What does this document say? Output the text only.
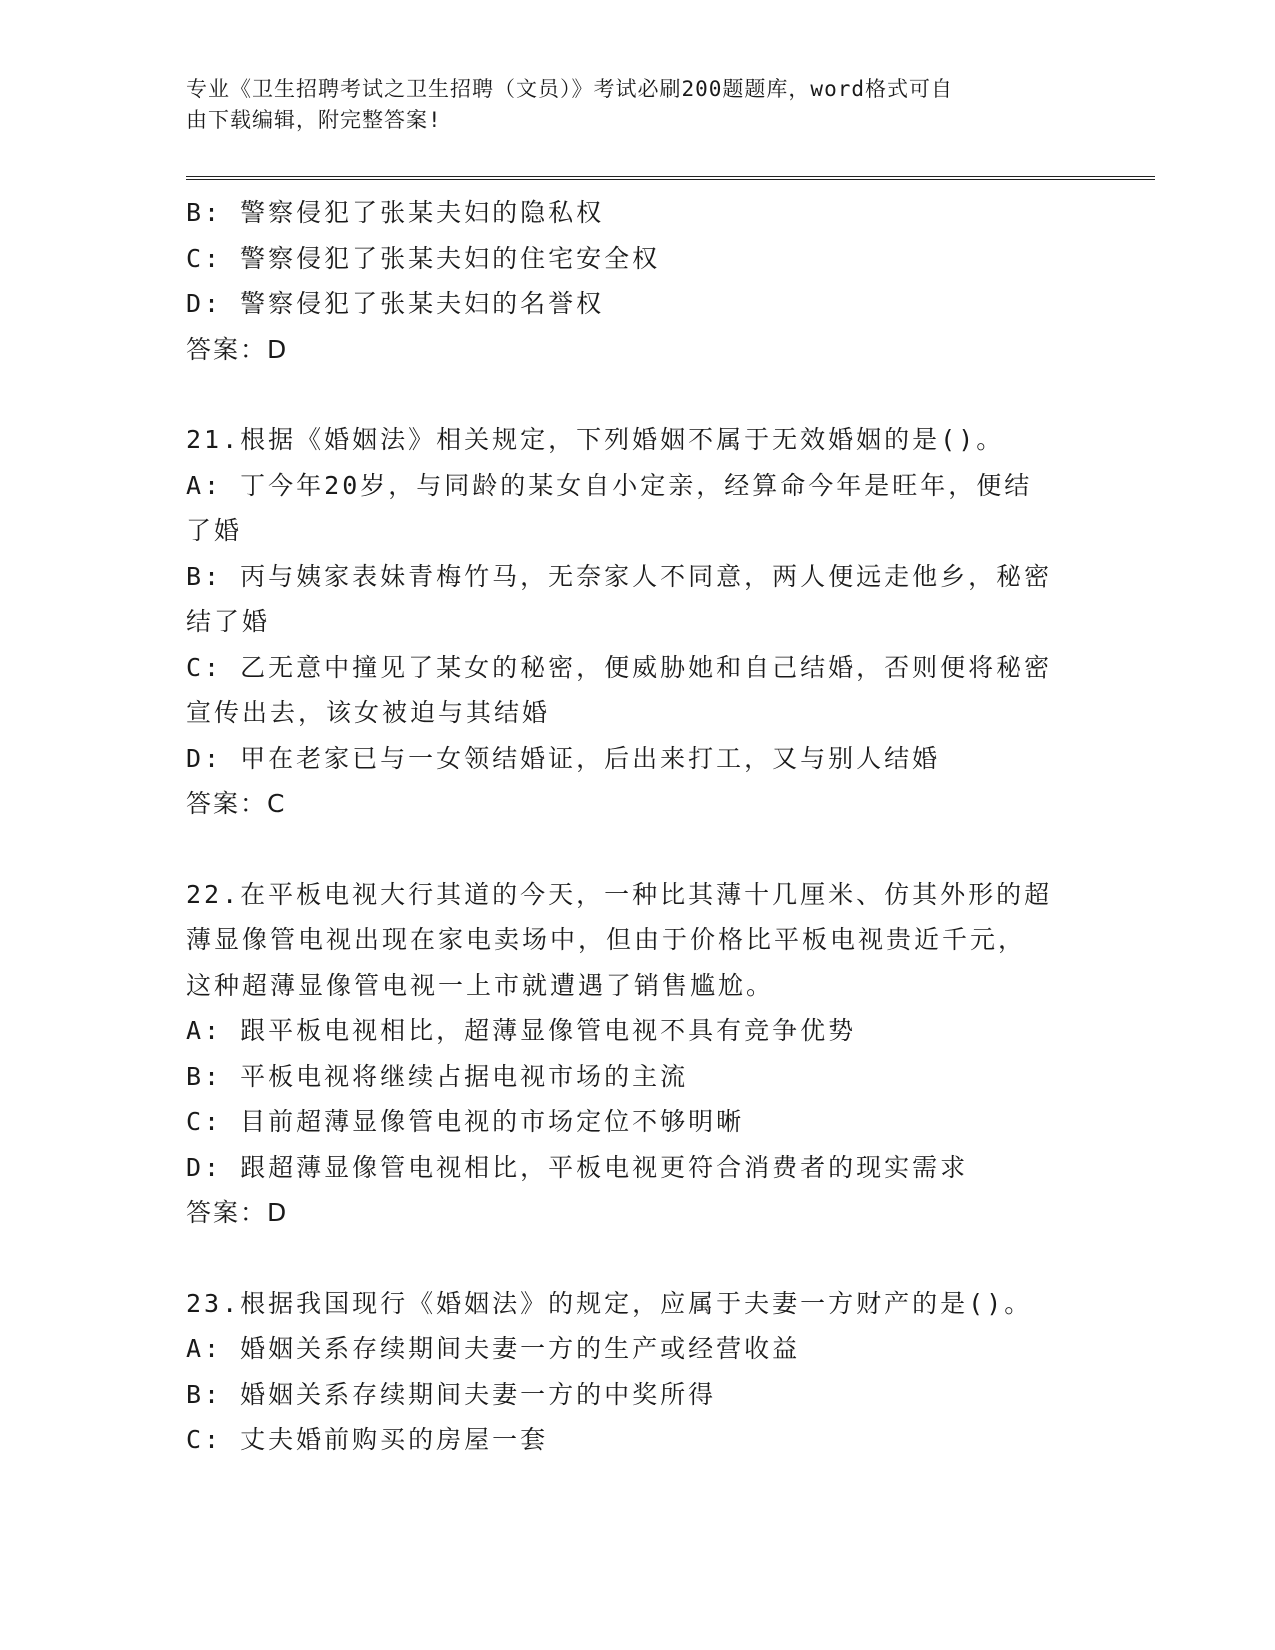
专业《卫生招聘考试之卫生招聘（文员）》考试必刷200题题库，word格式可自
由下载编辑，附完整答案!
B: 警察侵犯了张某夫妇的隐私权
C: 警察侵犯了张某夫妇的住宅安全权
D: 警察侵犯了张某夫妇的名誉权
答案：D
21.根据《婚姻法》相关规定，下列婚姻不属于无效婚姻的是()。
A: 丁今年20岁，与同龄的某女自小定亲，经算命今年是旺年，便结
了婚
B: 丙与姨家表妹青梅竹马，无奈家人不同意，两人便远走他乡，秘密
结了婚
C: 乙无意中撞见了某女的秘密，便威胁她和自己结婚，否则便将秘密
宣传出去，该女被迫与其结婚
D: 甲在老家已与一女领结婚证，后出来打工，又与别人结婚
答案：C
22.在平板电视大行其道的今天，一种比其薄十几厘米、仿其外形的超
薄显像管电视出现在家电卖场中，但由于价格比平板电视贵近千元，
这种超薄显像管电视一上市就遭遇了销售尴尬。
A: 跟平板电视相比，超薄显像管电视不具有竞争优势
B: 平板电视将继续占据电视市场的主流
C: 目前超薄显像管电视的市场定位不够明晰
D: 跟超薄显像管电视相比，平板电视更符合消费者的现实需求
答案：D
23.根据我国现行《婚姻法》的规定，应属于夫妻一方财产的是()。
A: 婚姻关系存续期间夫妻一方的生产或经营收益
B: 婚姻关系存续期间夫妻一方的中奖所得
C: 丈夫婚前购买的房屋一套
